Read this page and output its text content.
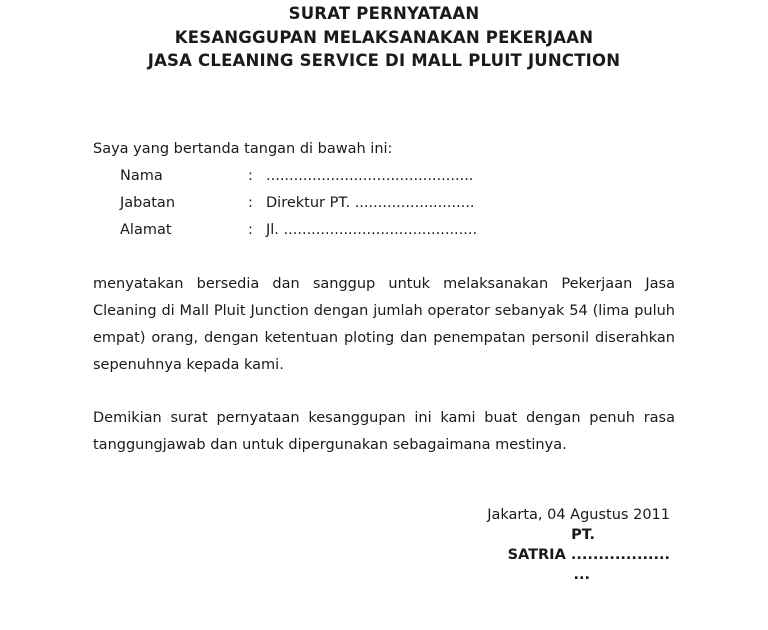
SURAT PERNYATAAN
KESANGGUPAN MELAKSANAKAN PEKERJAAN
JASA CLEANING SERVICE DI MALL PLUIT JUNCTION
Saya yang bertanda tangan di bawah ini:
Nama	: .............................................
Jabatan	: Direktur PT. ..........................
Alamat	: Jl. ..........................................
menyatakan bersedia dan sanggup untuk melaksanakan Pekerjaan Jasa Cleaning di Mall Pluit Junction dengan jumlah operator sebanyak 54 (lima puluh empat) orang, dengan ketentuan ploting dan penempatan personil diserahkan sepenuhnya kepada kami.
Demikian surat pernyataan kesanggupan ini kami buat dengan penuh rasa tanggungjawab dan untuk dipergunakan sebagaimana mestinya.
Jakarta, 04 Agustus 2011
PT.
SATRIA ..................
...
